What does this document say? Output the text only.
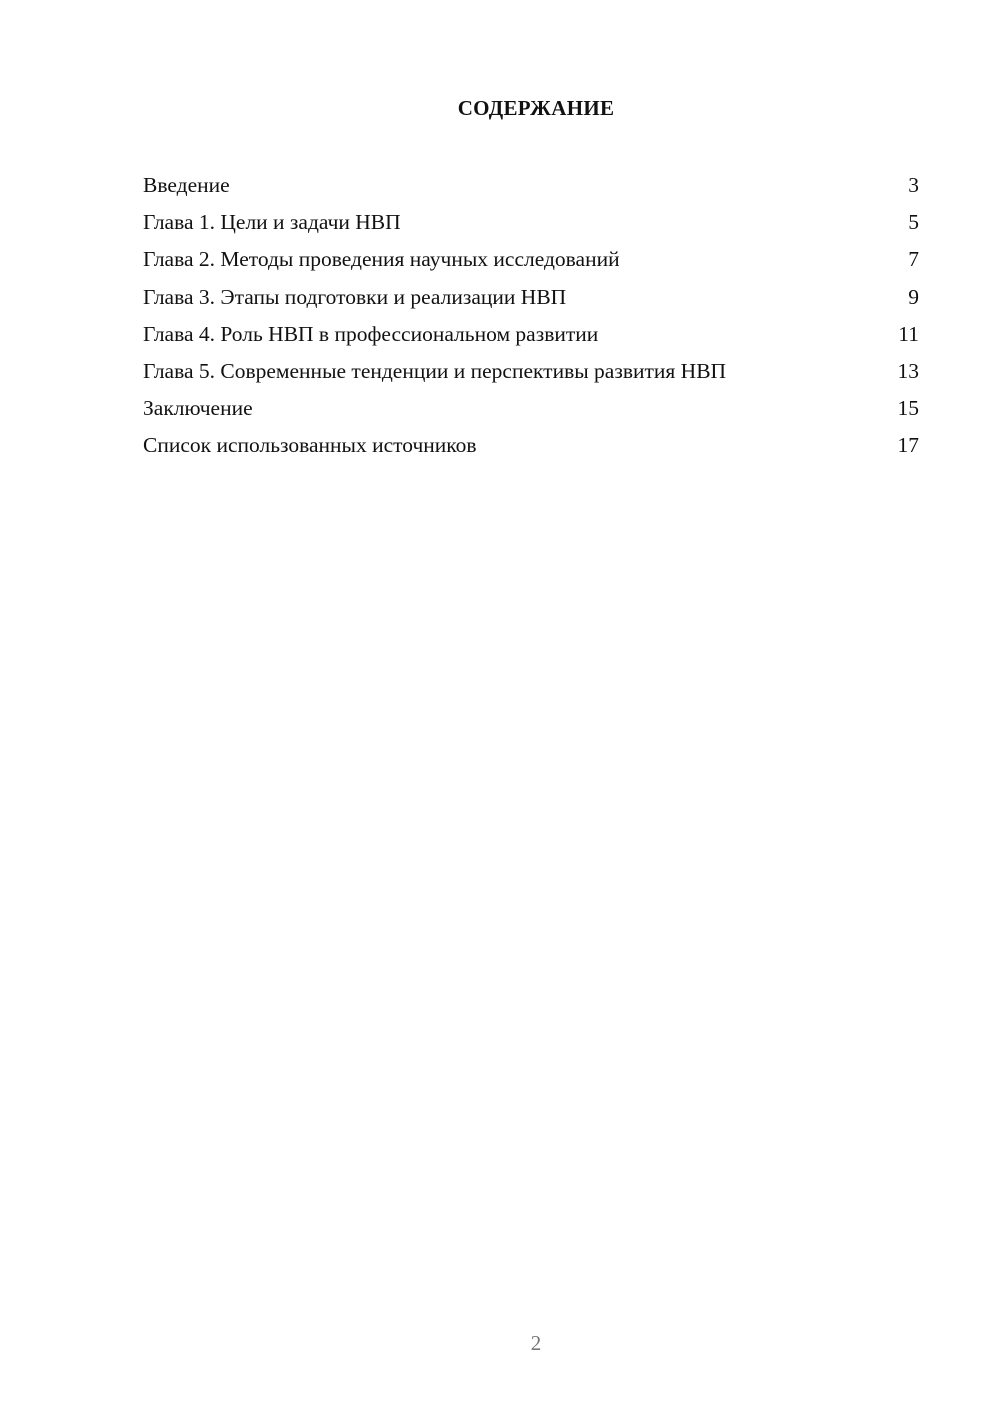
СОДЕРЖАНИЕ
Введение	3
Глава 1. Цели и задачи НВП	5
Глава 2. Методы проведения научных исследований	7
Глава 3. Этапы подготовки и реализации НВП	9
Глава 4. Роль НВП в профессиональном развитии	11
Глава 5. Современные тенденции и перспективы развития НВП	13
Заключение	15
Список использованных источников	17
2
